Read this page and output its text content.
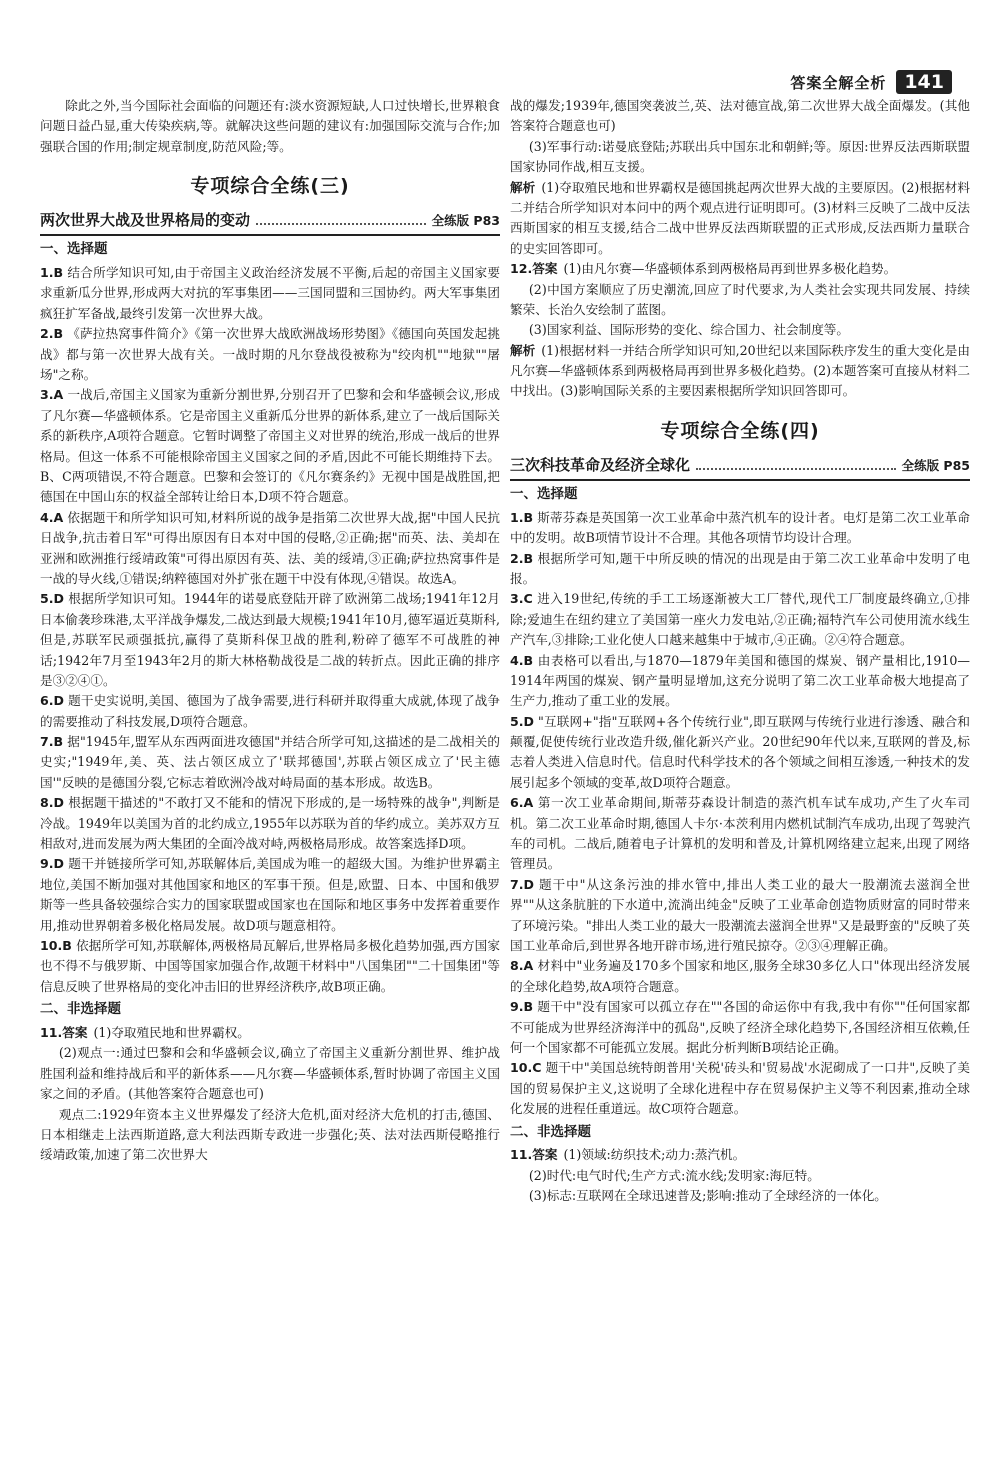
答案全解全析 141

除此之外,当今国际社会面临的问题还有:淡水资源短缺,人口过快增长,世界粮食问题日益凸显,重大传染疾病,等。就解决这些问题的建议有:加强国际交流与合作;加强联合国的作用;制定规章制度,防范风险;等。

专项综合全练(三)
两次世界大战及世界格局的变动	全练版 P83
一、选择题

1.B 结合所学知识可知,由于帝国主义政治经济发展不平衡,后起的帝国主义国家要求重新瓜分世界,形成两大对抗的军事集团——三国同盟和三国协约。两大军事集团疯狂扩军备战,最终引发第一次世界大战。

2.B 《萨拉热窝事件简介》《第一次世界大战欧洲战场形势图》《德国向英国发起挑战》都与第一次世界大战有关。一战时期的凡尔登战役被称为"绞肉机""地狱""屠场"之称。

3.A 一战后,帝国主义国家为重新分割世界,分别召开了巴黎和会和华盛顿会议,形成了凡尔赛—华盛顿体系。它是帝国主义重新瓜分世界的新体系,建立了一战后国际关系的新秩序,A项符合题意。它暂时调整了帝国主义对世界的统治,形成一战后的世界格局。但这一体系不可能根除帝国主义国家之间的矛盾,因此不可能长期维持下去。B、C两项错误,不符合题意。巴黎和会签订的《凡尔赛条约》无视中国是战胜国,把德国在中国山东的权益全部转让给日本,D项不符合题意。

4.A 依据题干和所学知识可知,材料所说的战争是指第二次世界大战,据"中国人民抗日战争,抗击着日军"可得出原因有日本对中国的侵略,②正确;据"而英、法、美却在亚洲和欧洲推行绥靖政策"可得出原因有英、法、美的绥靖,③正确;萨拉热窝事件是一战的导火线,①错误;纳粹德国对外扩张在题干中没有体现,④错误。故选A。

5.D 根据所学知识可知。1944年的诺曼底登陆开辟了欧洲第二战场;1941年12月日本偷袭珍珠港,太平洋战争爆发,二战达到最大规模;1941年10月,德军逼近莫斯科,但是,苏联军民顽强抵抗,赢得了莫斯科保卫战的胜利,粉碎了德军不可战胜的神话;1942年7月至1943年2月的斯大林格勒战役是二战的转折点。因此正确的排序是③②④①。

6.D 题干史实说明,美国、德国为了战争需要,进行科研并取得重大成就,体现了战争的需要推动了科技发展,D项符合题意。

7.B 据"1945年,盟军从东西两面进攻德国"并结合所学可知,这描述的是二战相关的史实;"1949年,美、英、法占领区成立了'联邦德国',苏联占领区成立了'民主德国'"反映的是德国分裂,它标志着欧洲冷战对峙局面的基本形成。故选B。

8.D 根据题干描述的"不敢打又不能和的情况下形成的,是一场特殊的战争",判断是冷战。1949年以美国为首的北约成立,1955年以苏联为首的华约成立。美苏双方互相敌对,进而发展为两大集团的全面冷战对峙,两极格局形成。故答案选择D项。

9.D 题干并链接所学可知,苏联解体后,美国成为唯一的超级大国。为维护世界霸主地位,美国不断加强对其他国家和地区的军事干预。但是,欧盟、日本、中国和俄罗斯等一些具备较强综合实力的国家联盟或国家也在国际和地区事务中发挥着重要作用,推动世界朝着多极化格局发展。故D项与题意相符。

10.B 依据所学可知,苏联解体,两极格局瓦解后,世界格局多极化趋势加强,西方国家也不得不与俄罗斯、中国等国家加强合作,故题干材料中"八国集团""二十国集团"等信息反映了世界格局的变化冲击旧的世界经济秩序,故B项正确。

二、非选择题

11.答案 (1)夺取殖民地和世界霸权。

(2)观点一:通过巴黎和会和华盛顿会议,确立了帝国主义重新分割世界、维护战胜国利益和维持战后和平的新体系——凡尔赛—华盛顿体系,暂时协调了帝国主义国家之间的矛盾。(其他答案符合题意也可)

观点二:1929年资本主义世界爆发了经济大危机,面对经济大危机的打击,德国、日本相继走上法西斯道路,意大利法西斯专政进一步强化;英、法对法西斯侵略推行绥靖政策,加速了第二次世界大

战的爆发;1939年,德国突袭波兰,英、法对德宣战,第二次世界大战全面爆发。(其他答案符合题意也可)

(3)军事行动:诺曼底登陆;苏联出兵中国东北和朝鲜;等。原因:世界反法西斯联盟国家协同作战,相互支援。

解析 (1)夺取殖民地和世界霸权是德国挑起两次世界大战的主要原因。(2)根据材料二并结合所学知识对本问中的两个观点进行证明即可。(3)材料三反映了二战中反法西斯国家的相互支援,结合二战中世界反法西斯联盟的正式形成,反法西斯力量联合的史实回答即可。

12.答案 (1)由凡尔赛—华盛顿体系到两极格局再到世界多极化趋势。

(2)中国方案顺应了历史潮流,回应了时代要求,为人类社会实现共同发展、持续繁荣、长治久安绘制了蓝图。

(3)国家利益、国际形势的变化、综合国力、社会制度等。

解析 (1)根据材料一并结合所学知识可知,20世纪以来国际秩序发生的重大变化是由凡尔赛—华盛顿体系到两极格局再到世界多极化趋势。(2)本题答案可直接从材料二中找出。(3)影响国际关系的主要因素根据所学知识回答即可。

专项综合全练(四)
三次科技革命及经济全球化	全练版 P85
一、选择题

1.B 斯蒂芬森是英国第一次工业革命中蒸汽机车的设计者。电灯是第二次工业革命中的发明。故B项情节设计不合理。其他各项情节均设计合理。

2.B 根据所学可知,题干中所反映的情况的出现是由于第二次工业革命中发明了电报。

3.C 进入19世纪,传统的手工工场逐渐被大工厂替代,现代工厂制度最终确立,①排除;爱迪生在纽约建立了美国第一座火力发电站,②正确;福特汽车公司使用流水线生产汽车,③排除;工业化使人口越来越集中于城市,④正确。②④符合题意。

4.B 由表格可以看出,与1870—1879年美国和德国的煤炭、钢产量相比,1910—1914年两国的煤炭、钢产量明显增加,这充分说明了第二次工业革命极大地提高了生产力,推动了重工业的发展。

5.D "互联网+"指"互联网+各个传统行业",即互联网与传统行业进行渗透、融合和颠覆,促使传统行业改造升级,催化新兴产业。20世纪90年代以来,互联网的普及,标志着人类进入信息时代。信息时代科学技术的各个领域之间相互渗透,一种技术的发展引起多个领域的变革,故D项符合题意。

6.A 第一次工业革命期间,斯蒂芬森设计制造的蒸汽机车试车成功,产生了火车司机。第二次工业革命时期,德国人卡尔·本茨利用内燃机试制汽车成功,出现了驾驶汽车的司机。二战后,随着电子计算机的发明和普及,计算机网络建立起来,出现了网络管理员。

7.D 题干中"从这条污浊的排水管中,排出人类工业的最大一股潮流去滋润全世界""从这条肮脏的下水道中,流淌出纯金"反映了工业革命创造物质财富的同时带来了环境污染。"排出人类工业的最大一股潮流去滋润全世界"又是最野蛮的"反映了英国工业革命后,到世界各地开辟市场,进行殖民掠夺。②③④理解正确。

8.A 材料中"业务遍及170多个国家和地区,服务全球30多亿人口"体现出经济发展的全球化趋势,故A项符合题意。

9.B 题干中"没有国家可以孤立存在""各国的命运你中有我,我中有你""任何国家都不可能成为世界经济海洋中的孤岛",反映了经济全球化趋势下,各国经济相互依赖,任何一个国家都不可能孤立发展。据此分析判断B项结论正确。

10.C 题干中"美国总统特朗普用'关税'砖头和'贸易战'水泥砌成了一口井",反映了美国的贸易保护主义,这说明了全球化进程中存在贸易保护主义等不利因素,推动全球化发展的进程任重道远。故C项符合题意。

二、非选择题

11.答案 (1)领域:纺织技术;动力:蒸汽机。

(2)时代:电气时代;生产方式:流水线;发明家:海厄特。

(3)标志:互联网在全球迅速普及;影响:推动了全球经济的一体化。
